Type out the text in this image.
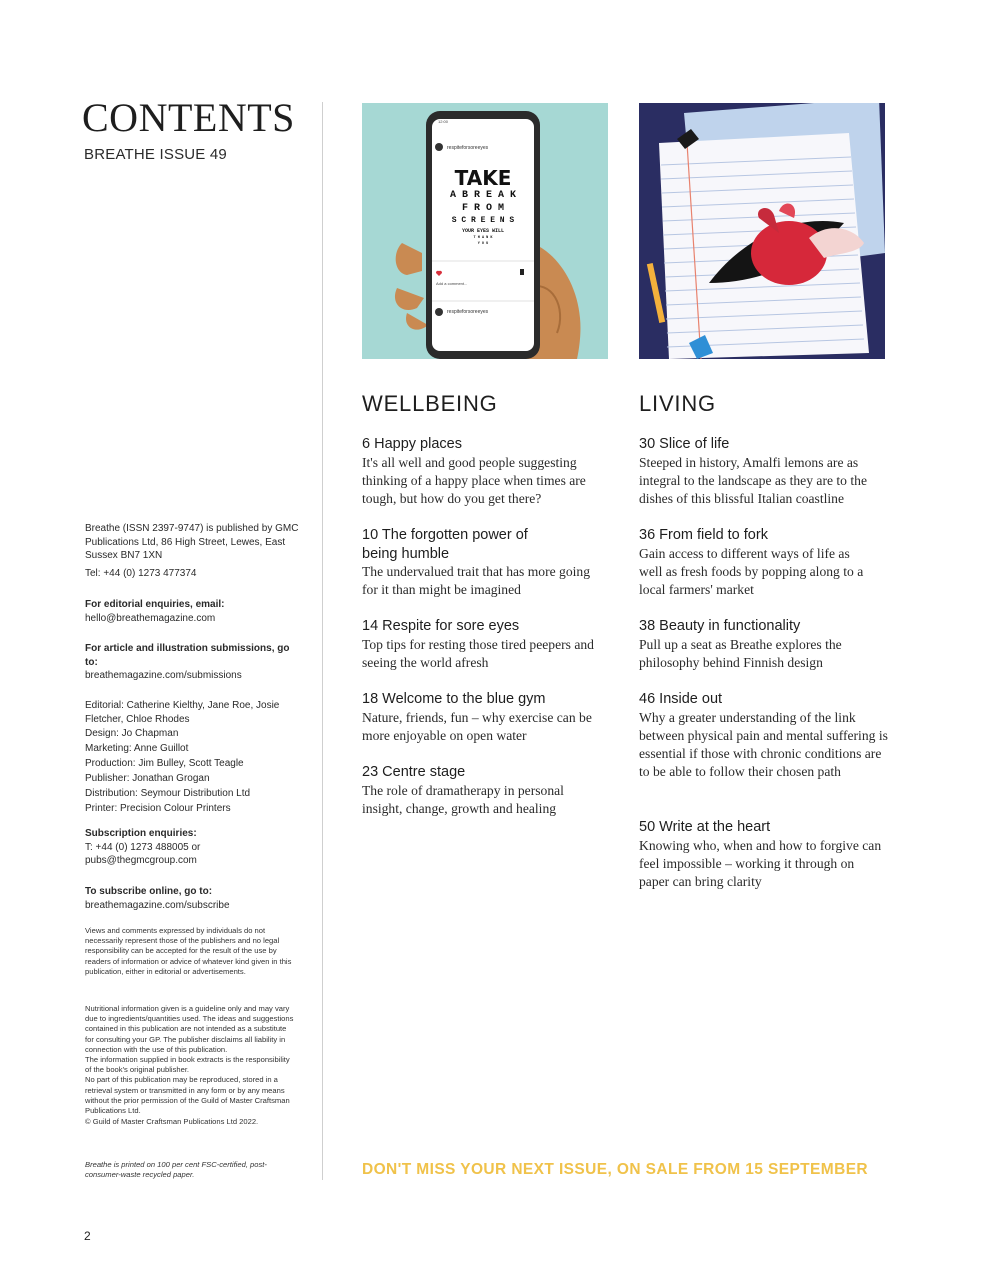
CONTENTS
BREATHE ISSUE 49
Breathe (ISSN 2397-9747) is published by GMC Publications Ltd, 86 High Street, Lewes, East Sussex BN7 1XN
Tel: +44 (0) 1273 477374
For editorial enquiries, email:
hello@breathemagazine.com
For article and illustration submissions, go to:
breathemagazine.com/submissions
Editorial: Catherine Kielthy, Jane Roe, Josie Fletcher, Chloe Rhodes
Design: Jo Chapman
Marketing: Anne Guillot
Production: Jim Bulley, Scott Teagle
Publisher: Jonathan Grogan
Distribution: Seymour Distribution Ltd
Printer: Precision Colour Printers
Subscription enquiries:
T: +44 (0) 1273 488005 or
pubs@thegmcgroup.com
To subscribe online, go to:
breathemagazine.com/subscribe
Views and comments expressed by individuals do not necessarily represent those of the publishers and no legal responsibility can be accepted for the result of the use by readers of information or advice of whatever kind given in this publication, either in editorial or advertisements.
Nutritional information given is a guideline only and may vary due to ingredients/quantities used. The ideas and suggestions contained in this publication are not intended as a substitute for consulting your GP. The publisher disclaims all liability in connection with the use of this publication.
The information supplied in book extracts is the responsibility of the book's original publisher.
No part of this publication may be reproduced, stored in a retrieval system or transmitted in any form or by any means without the prior permission of the Guild of Master Craftsman Publications Ltd.
© Guild of Master Craftsman Publications Ltd 2022.
Breathe is printed on 100 per cent FSC-certified, post-consumer-waste recycled paper.
12:00
respiteforsoreeyes
TAKE
A B R E A K
F R O M
S C R E E N S
YOUR EYES WILL
T H A N K
Y O U
Add a comment...
respiteforsoreeyes
WELLBEING
6 Happy places
It's all well and good people suggesting thinking of a happy place when times are tough, but how do you get there?
10 The forgotten power of being humble
The undervalued trait that has more going for it than might be imagined
14 Respite for sore eyes
Top tips for resting those tired peepers and seeing the world afresh
18 Welcome to the blue gym
Nature, friends, fun – why exercise can be more enjoyable on open water
23 Centre stage
The role of dramatherapy in personal insight, change, growth and healing
LIVING
30 Slice of life
Steeped in history, Amalfi lemons are as integral to the landscape as they are to the dishes of this blissful Italian coastline
36 From field to fork
Gain access to different ways of life as well as fresh foods by popping along to a local farmers' market
38 Beauty in functionality
Pull up a seat as Breathe explores the philosophy behind Finnish design
46 Inside out
Why a greater understanding of the link between physical pain and mental suffering is essential if those with chronic conditions are to be able to follow their chosen path
50 Write at the heart
Knowing who, when and how to forgive can feel impossible – working it through on paper can bring clarity
DON'T MISS YOUR NEXT ISSUE, ON SALE FROM 15 SEPTEMBER
2
